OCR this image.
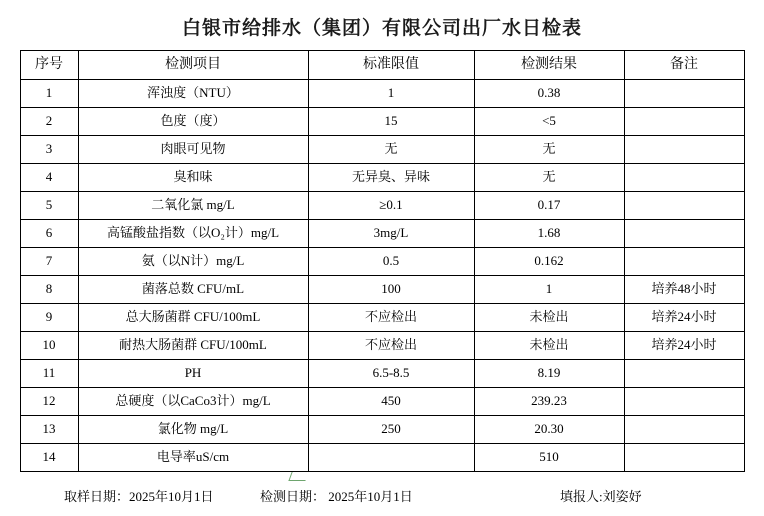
白银市给排水（集团）有限公司出厂水日检表
序号	检测项目	标准限值	检测结果	备注
1	浑浊度（NTU）	1	0.38	
2	色度（度）	15	<5	
3	肉眼可见物	无	无	
4	臭和味	无异臭、异味	无	
5	二氧化氯 mg/L	≥0.1	0.17	
6	高锰酸盐指数（以O₂计）mg/L	3mg/L	1.68	
7	氨（以N计）mg/L	0.5	0.162	
8	菌落总数 CFU/mL	100	1	培养48小时
9	总大肠菌群 CFU/100mL	不应检出	未检出	培养24小时
10	耐热大肠菌群 CFU/100mL	不应检出	未检出	培养24小时
11	PH	6.5-8.5	8.19	
12	总硬度（以CaCo3计）mg/L	450	239.23	
13	氯化物 mg/L	250	20.30	
14	电导率uS/cm		510	
取样日期：2025年10月1日	检测日期： 2025年10月1日	填报人:刘姿妤
